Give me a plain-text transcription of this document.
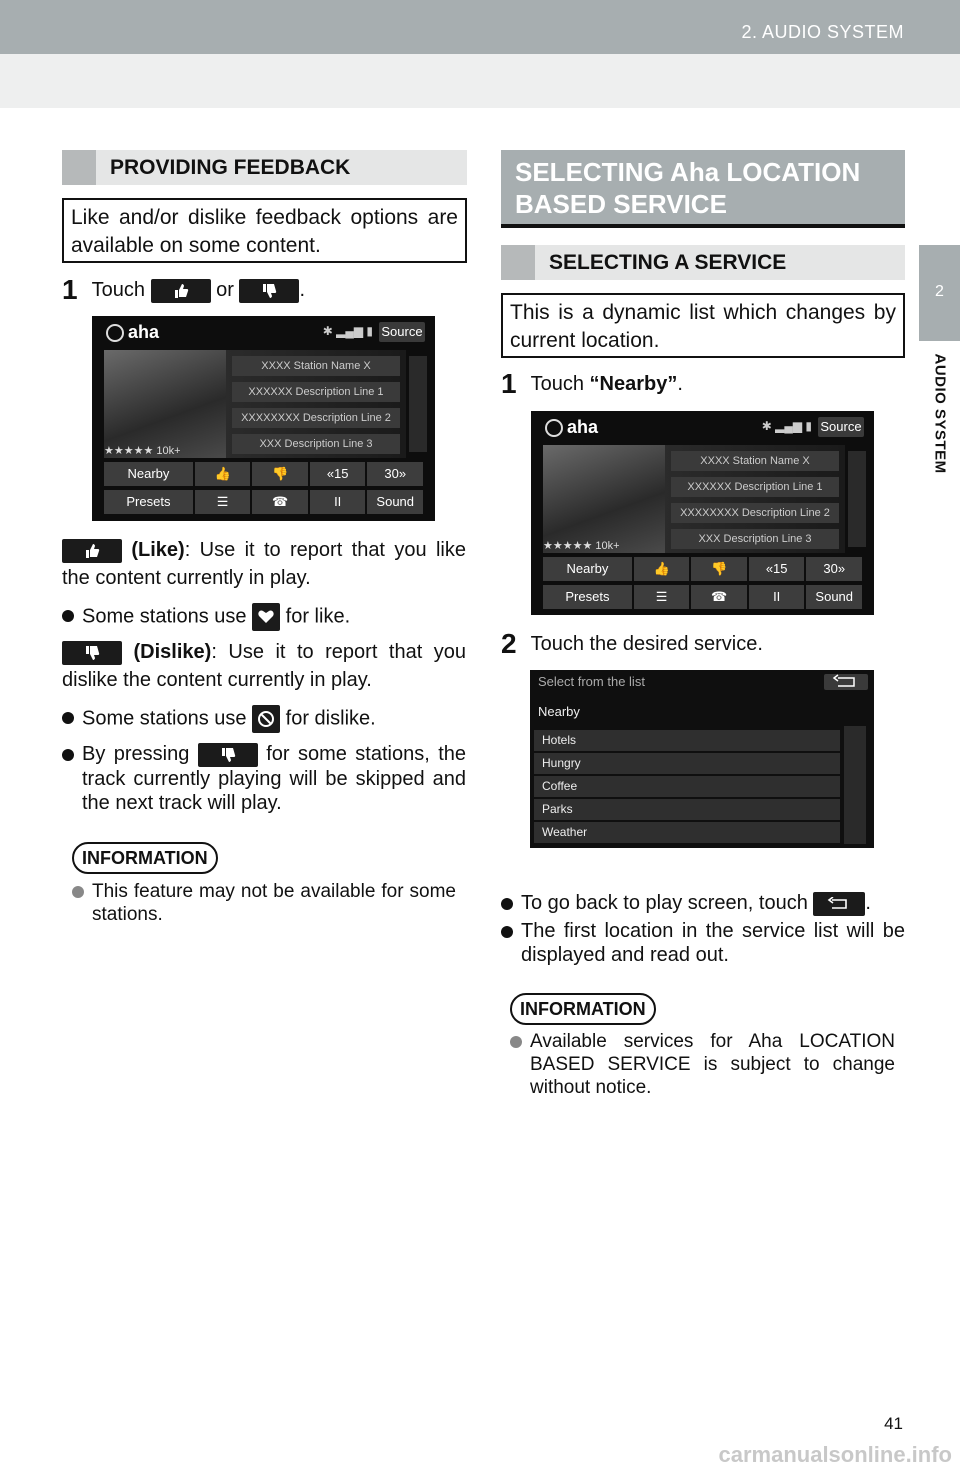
2. AUDIO SYSTEM
2
AUDIO SYSTEM
PROVIDING FEEDBACK
Like and/or dislike feedback options are available on some content.
1 Touch	or	.
aha	✱ ▂▄▆ ▮ Source
★★★★★ 10k+
XXXX Station Name X
XXXXXX Description Line 1
XXXXXXXX Description Line 2
XXX Description Line 3
Nearby	👍	👎	«15	30»
Presets	☰	☎	II	Sound
(Like): Use it to report that you like the content currently in play.
Some stations use for like.
(Dislike): Use it to report that you dislike the content currently in play.
Some stations use for dislike.
By pressing	for some stations, the track currently playing will be skipped and the next track will play.
INFORMATION
This feature may not be available for some stations.
SELECTING Aha LOCATION BASED SERVICE
SELECTING A SERVICE
This is a dynamic list which changes by current location.
1 Touch “Nearby”.
aha	✱ ▂▄▆ ▮ Source
★★★★★ 10k+
XXXX Station Name X
XXXXXX Description Line 1
XXXXXXXX Description Line 2
XXX Description Line 3
Nearby	👍	👎	«15	30»
Presets	☰	☎	II	Sound
2 Touch the desired service.
Select from the list
Nearby
Hotels
Hungry
Coffee
Parks
Weather
To go back to play screen, touch	.
The first location in the service list will be displayed and read out.
INFORMATION
Available services for Aha LOCATION BASED SERVICE is subject to change without notice.
41
carmanualsonline.info
